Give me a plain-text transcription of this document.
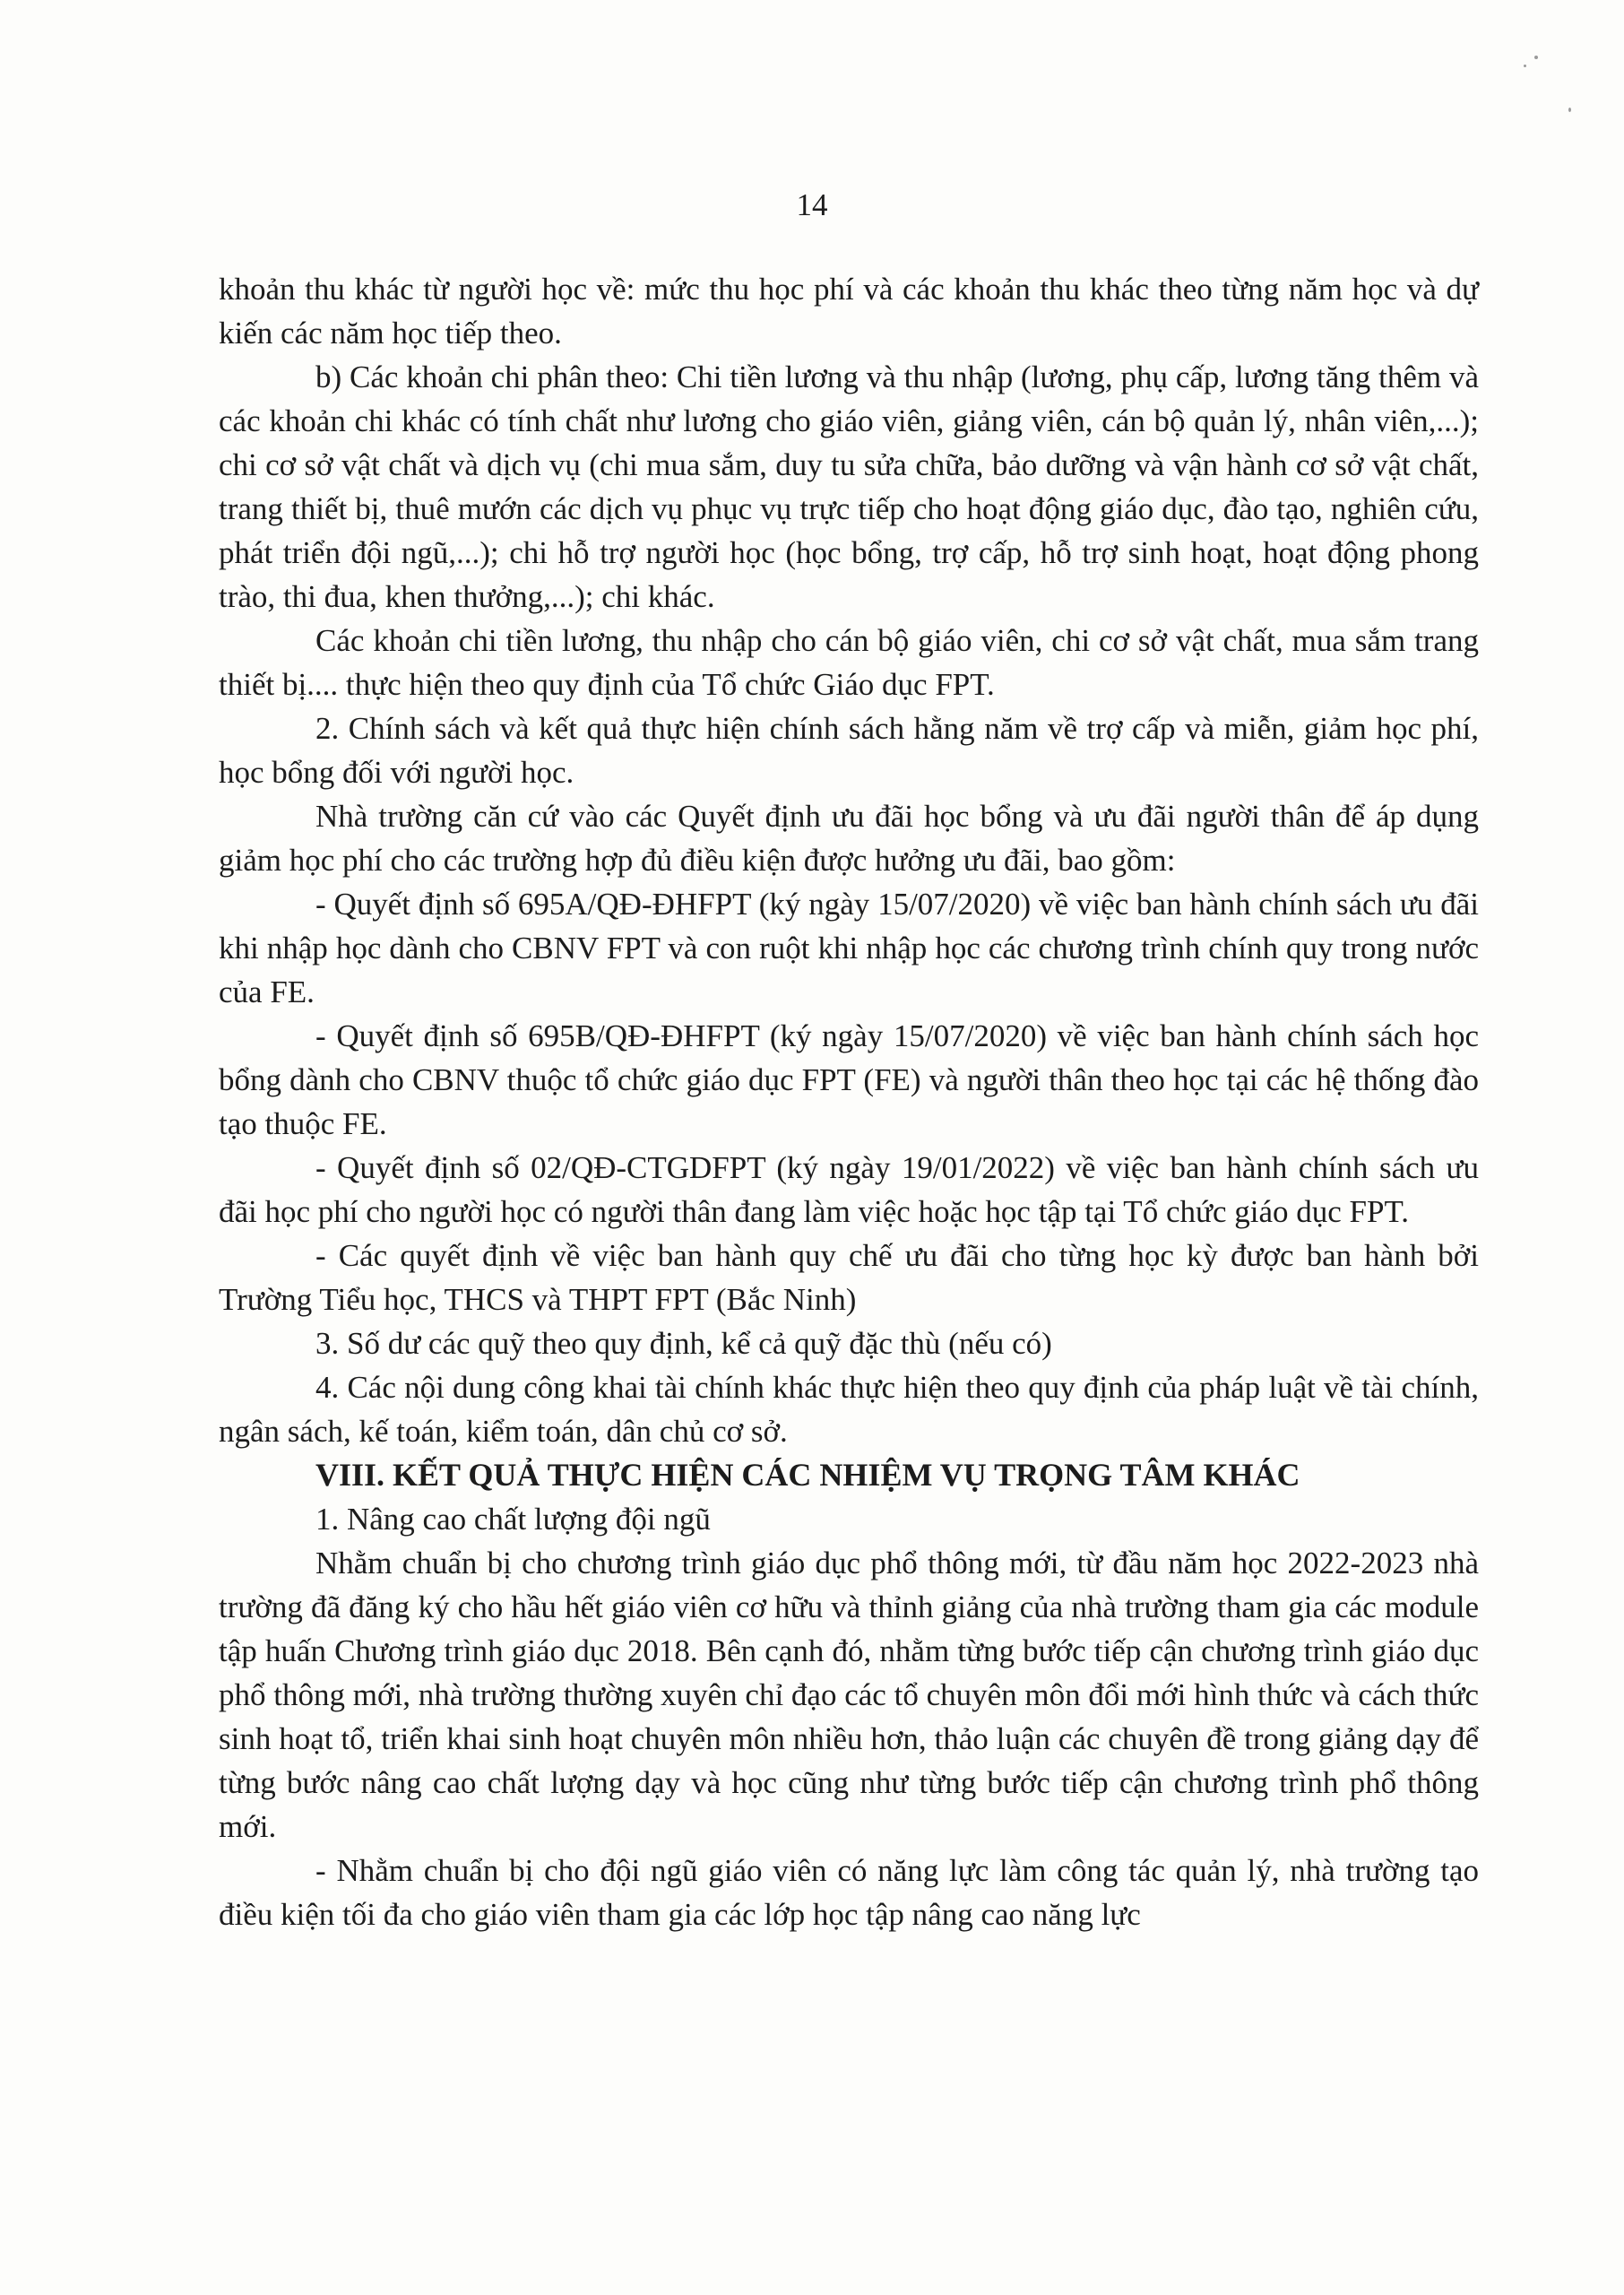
14

khoản thu khác từ người học về: mức thu học phí và các khoản thu khác theo từng năm học và dự kiến các năm học tiếp theo.

b) Các khoản chi phân theo: Chi tiền lương và thu nhập (lương, phụ cấp, lương tăng thêm và các khoản chi khác có tính chất như lương cho giáo viên, giảng viên, cán bộ quản lý, nhân viên,...); chi cơ sở vật chất và dịch vụ (chi mua sắm, duy tu sửa chữa, bảo dưỡng và vận hành cơ sở vật chất, trang thiết bị, thuê mướn các dịch vụ phục vụ trực tiếp cho hoạt động giáo dục, đào tạo, nghiên cứu, phát triển đội ngũ,...); chi hỗ trợ người học (học bổng, trợ cấp, hỗ trợ sinh hoạt, hoạt động phong trào, thi đua, khen thưởng,...); chi khác.

Các khoản chi tiền lương, thu nhập cho cán bộ giáo viên, chi cơ sở vật chất, mua sắm trang thiết bị.... thực hiện theo quy định của Tổ chức Giáo dục FPT.

2. Chính sách và kết quả thực hiện chính sách hằng năm về trợ cấp và miễn, giảm học phí, học bổng đối với người học.

Nhà trường căn cứ vào các Quyết định ưu đãi học bổng và ưu đãi người thân để áp dụng giảm học phí cho các trường hợp đủ điều kiện được hưởng ưu đãi, bao gồm:

- Quyết định số 695A/QĐ-ĐHFPT (ký ngày 15/07/2020) về việc ban hành chính sách ưu đãi khi nhập học dành cho CBNV FPT và con ruột khi nhập học các chương trình chính quy trong nước của FE.

- Quyết định số 695B/QĐ-ĐHFPT (ký ngày 15/07/2020) về việc ban hành chính sách học bổng dành cho CBNV thuộc tổ chức giáo dục FPT (FE) và người thân theo học tại các hệ thống đào tạo thuộc FE.

- Quyết định số 02/QĐ-CTGDFPT (ký ngày 19/01/2022) về việc ban hành chính sách ưu đãi học phí cho người học có người thân đang làm việc hoặc học tập tại Tổ chức giáo dục FPT.

- Các quyết định về việc ban hành quy chế ưu đãi cho từng học kỳ được ban hành bởi Trường Tiểu học, THCS và THPT FPT (Bắc Ninh)

3. Số dư các quỹ theo quy định, kể cả quỹ đặc thù (nếu có)

4. Các nội dung công khai tài chính khác thực hiện theo quy định của pháp luật về tài chính, ngân sách, kế toán, kiểm toán, dân chủ cơ sở.

VIII. KẾT QUẢ THỰC HIỆN CÁC NHIỆM VỤ TRỌNG TÂM KHÁC

1. Nâng cao chất lượng đội ngũ

Nhằm chuẩn bị cho chương trình giáo dục phổ thông mới, từ đầu năm học 2022-2023 nhà trường đã đăng ký cho hầu hết giáo viên cơ hữu và thỉnh giảng của nhà trường tham gia các module tập huấn Chương trình giáo dục 2018. Bên cạnh đó, nhằm từng bước tiếp cận chương trình giáo dục phổ thông mới, nhà trường thường xuyên chỉ đạo các tổ chuyên môn đổi mới hình thức và cách thức sinh hoạt tổ, triển khai sinh hoạt chuyên môn nhiều hơn, thảo luận các chuyên đề trong giảng dạy để từng bước nâng cao chất lượng dạy và học cũng như từng bước tiếp cận chương trình phổ thông mới.

- Nhằm chuẩn bị cho đội ngũ giáo viên có năng lực làm công tác quản lý, nhà trường tạo điều kiện tối đa cho giáo viên tham gia các lớp học tập nâng cao năng lực
